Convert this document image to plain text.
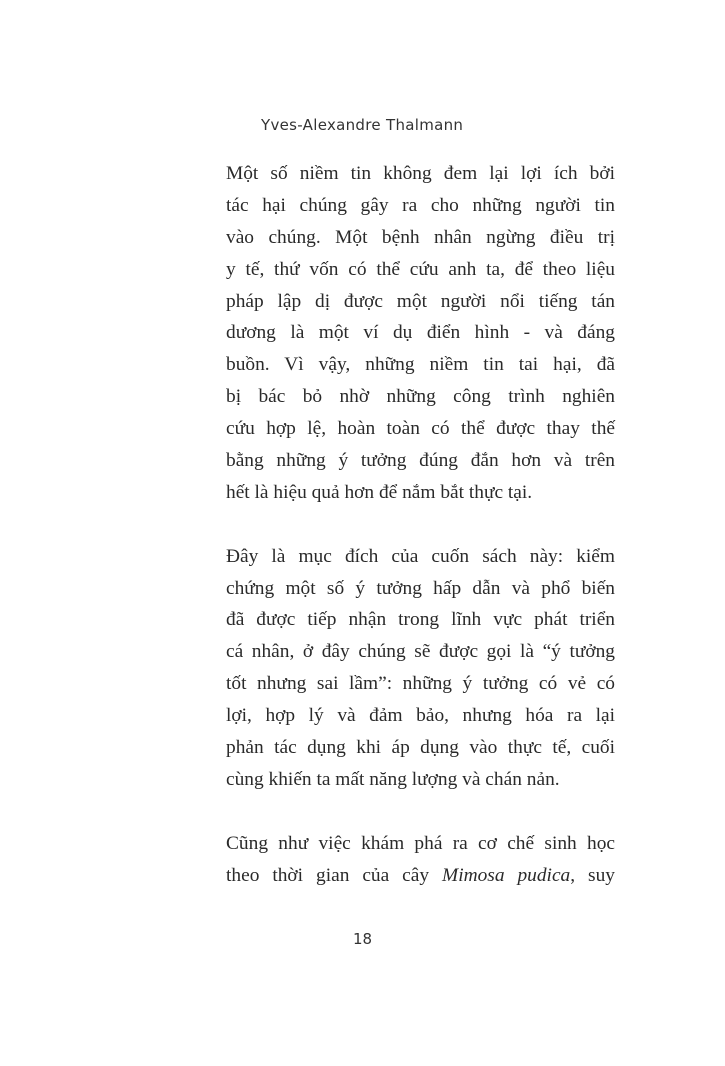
Yves-Alexandre Thalmann
Một số niềm tin không đem lại lợi ích bởi
tác hại chúng gây ra cho những người tin
vào chúng. Một bệnh nhân ngừng điều trị
y tế, thứ vốn có thể cứu anh ta, để theo liệu
pháp lập dị được một người nổi tiếng tán
dương là một ví dụ điển hình - và đáng
buồn. Vì vậy, những niềm tin tai hại, đã
bị bác bỏ nhờ những công trình nghiên
cứu hợp lệ, hoàn toàn có thể được thay thế
bằng những ý tưởng đúng đắn hơn và trên
hết là hiệu quả hơn để nắm bắt thực tại.
Đây là mục đích của cuốn sách này: kiểm
chứng một số ý tưởng hấp dẫn và phổ biến
đã được tiếp nhận trong lĩnh vực phát triển
cá nhân, ở đây chúng sẽ được gọi là “ý tưởng
tốt nhưng sai lầm”: những ý tưởng có vẻ có
lợi, hợp lý và đảm bảo, nhưng hóa ra lại
phản tác dụng khi áp dụng vào thực tế, cuối
cùng khiến ta mất năng lượng và chán nản.
Cũng như việc khám phá ra cơ chế sinh học
theo thời gian của cây Mimosa pudica, suy
18
